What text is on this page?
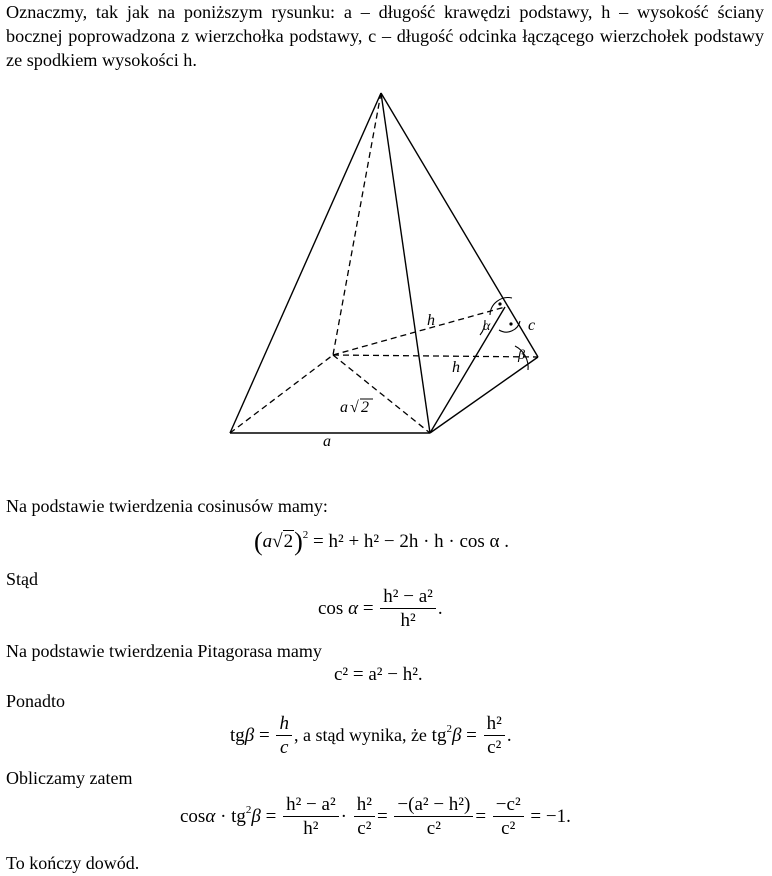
Oznaczmy, tak jak na poniższym rysunku: a – długość krawędzi podstawy, h – wysokość ściany bocznej poprowadzona z wierzchołka podstawy, c – długość odcinka łączącego wierzchołek podstawy ze spodkiem wysokości h.
h
h
c
α
β
a
a √ 2
Na podstawie twierdzenia cosinusów mamy:
$(a√2)^2 = h^2 + h^2 - 2h \cdot h \cdot \cos \alpha$ .
Stąd
$\cos \alpha = \frac{\text{h² − a²}}{\text{h²}}$ .
Na podstawie twierdzenia Pitagorasa mamy
c² = a² − h².
Ponadto
$tg\beta = \frac{h}{c}$ , a stąd wynika, że $tg^2\beta = \frac{\text{h²}}{\text{c²}}$ .
Obliczamy zatem
$\cos\alpha \cdot tg^2\beta = \frac{\text{h² − a²}}{\text{h²}} \cdot \frac{\text{h²}}{\text{c²}} = \frac{\text{−(a² − h²)}}{\text{c²}} = \frac{\text{−c²}}{\text{c²}} = -1$.
To kończy dowód.
